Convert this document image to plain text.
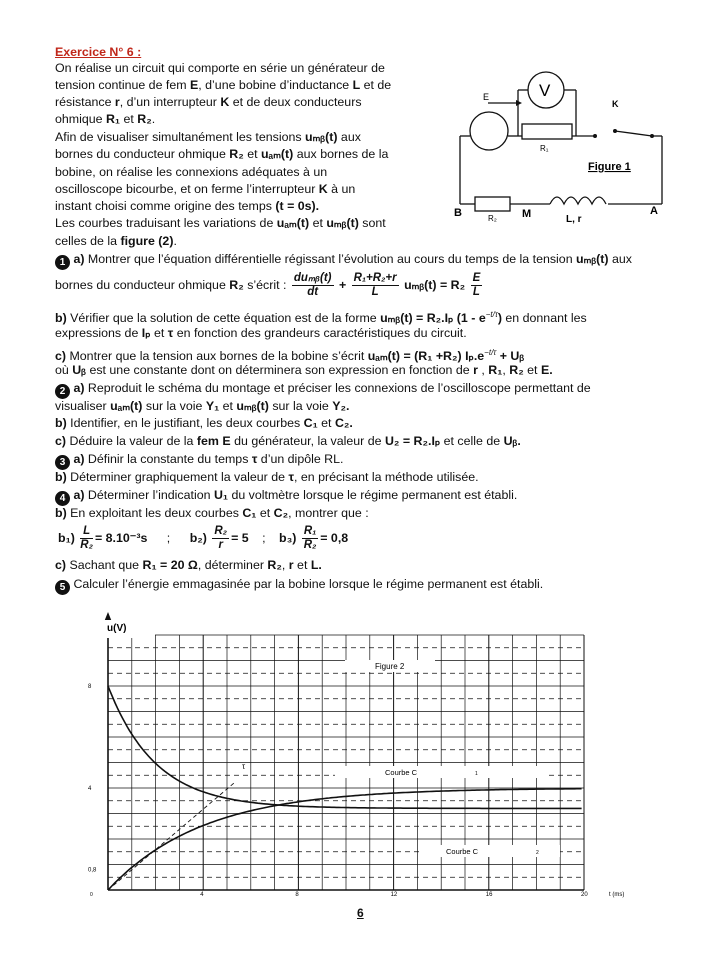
Exercice N° 6 :
On réalise un circuit qui comporte en série un générateur de
tension continue de fem E, d’une bobine d’inductance L et de
résistance r, d’un interrupteur K et de deux conducteurs
ohmique R₁ et R₂.
Afin de visualiser simultanément les tensions uₘᵦ(t) aux
bornes du conducteur ohmique R₂ et uₐₘ(t) aux bornes de la
bobine, on réalise les connexions adéquates à un
oscilloscope bicourbe, et on ferme l’interrupteur K à un
instant choisi comme origine des temps (t = 0s).
Les courbes traduisant les variations de uₐₘ(t) et uₘᵦ(t) sont
celles de la figure (2).
1 a) Montrer que l’équation différentielle régissant l’évolution au cours du temps de la tension uₘᵦ(t) aux
bornes du conducteur ohmique R₂ s’écrit : $\frac{\text{duₘᵦ(t)}}{dt} + \frac{\text{R₁+R₂+r}}{L}$ uₘᵦ(t) = $R_2 \frac{E}{L}$
b) Vérifier que la solution de cette équation est de la forme uₘᵦ(t) = R₂.Iₚ $(1 - e^{-t/\tau})$ en donnant les
expressions de Iₚ et τ en fonction des grandeurs caractéristiques du circuit.
c) Montrer que la tension aux bornes de la bobine s’écrit uₐₘ(t) = (R₁ +R₂) $I_p.e^{-t/\tau}$ + Uᵦ
où Uᵦ est une constante dont on déterminera son expression en fonction de r , R₁, R₂ et E.
2 a) Reproduit le schéma du montage et préciser les connexions de l’oscilloscope permettant de
visualiser uₐₘ(t) sur la voie Y₁ et uₘᵦ(t) sur la voie Y₂.
b) Identifier, en le justifiant, les deux courbes C₁ et C₂.
c) Déduire la valeur de la fem E du générateur, la valeur de U₂ = R₂.Iₚ et celle de Uᵦ.
3 a) Définir la constante du temps τ d’un dipôle RL.
b) Déterminer graphiquement la valeur de τ, en précisant la méthode utilisée.
4 a) Déterminer l’indication U₁ du voltmètre lorsque le régime permanent est établi.
b) En exploitant les deux courbes C₁ et C₂, montrer que :
$b_1) \frac{L}{\text{R₂}} = 8.10^{-3}s$ ; $b_2) \frac{\text{R₂}}{r} = 5$ ; $b_3) \frac{\text{R₁}}{\text{R₂}} = 0,8$
c) Sachant que R₁ = 20 Ω, déterminer R₂, r et L.
5 Calculer l’énergie emmagasinée par la bobine lorsque le régime permanent est établi.
E	V
K
R₁
Figure 1
B	R₂ M	L, r
A
Figure 2
Courbe C	1
Courbe C	2
u(V)
t (ms)
τ
4	8	12	16	20
8
4
0,8
0
6
